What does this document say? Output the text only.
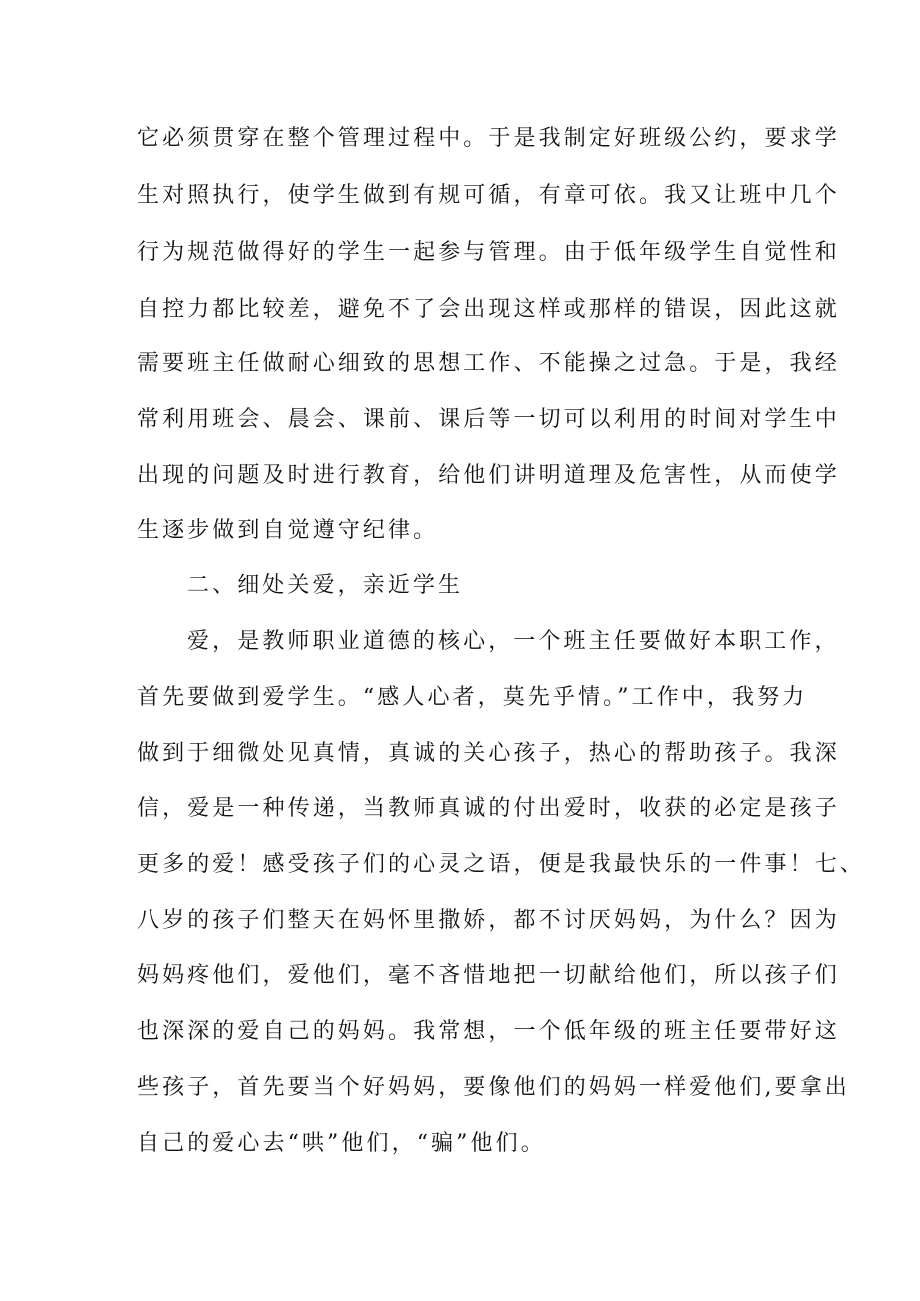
它必须贯穿在整个管理过程中。于是我制定好班级公约，要求学
生对照执行，使学生做到有规可循，有章可依。我又让班中几个
行为规范做得好的学生一起参与管理。由于低年级学生自觉性和
自控力都比较差，避免不了会出现这样或那样的错误，因此这就
需要班主任做耐心细致的思想工作、不能操之过急。于是，我经
常利用班会、晨会、课前、课后等一切可以利用的时间对学生中
出现的问题及时进行教育，给他们讲明道理及危害性，从而使学
生逐步做到自觉遵守纪律。
二、细处关爱，亲近学生
爱，是教师职业道德的核心，一个班主任要做好本职工作，
首先要做到爱学生。“感人心者，莫先乎情。”工作中，我努力
做到于细微处见真情，真诚的关心孩子，热心的帮助孩子。我深
信，爱是一种传递，当教师真诚的付出爱时，收获的必定是孩子
更多的爱！感受孩子们的心灵之语，便是我最快乐的一件事！七、
八岁的孩子们整天在妈怀里撒娇，都不讨厌妈妈，为什么？因为
妈妈疼他们，爱他们，毫不吝惜地把一切献给他们，所以孩子们
也深深的爱自己的妈妈。我常想，一个低年级的班主任要带好这
些孩子，首先要当个好妈妈，要像他们的妈妈一样爱他们,要拿出
自己的爱心去“哄”他们，“骗”他们。
